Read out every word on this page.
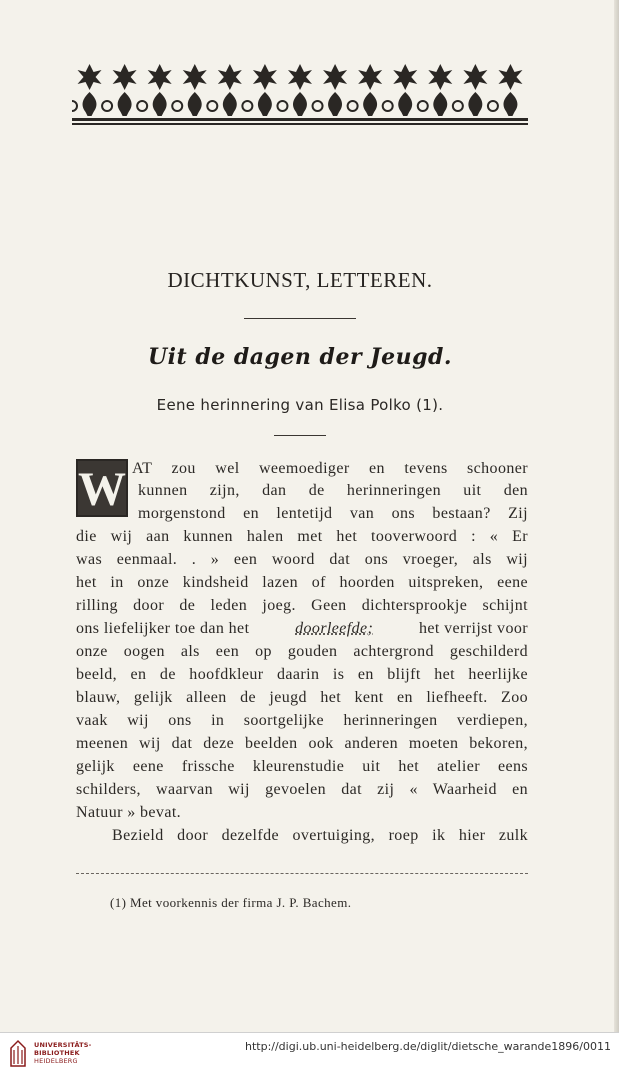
DICHTKUNST, LETTEREN.
Uit de dagen der Jeugd.
Eene herinnering van Elisa Polko (1).
W AT zou wel weemoediger en tevens schooner
kunnen zijn, dan de herinneringen uit den
morgenstond en lentetijd van ons bestaan? Zij
die wij aan kunnen halen met het tooverwoord : « Er
was eenmaal. . » een woord dat ons vroeger, als wij
het in onze kindsheid lazen of hoorden uitspreken, eene
rilling door de leden joeg. Geen dichtersprookje schijnt
ons liefelijker toe dan het	doorleefde;	het verrijst voor
onze oogen als een op gouden achtergrond geschilderd
beeld, en de hoofdkleur daarin is en blijft het heerlijke
blauw, gelijk alleen de jeugd het kent en liefheeft. Zoo
vaak wij ons in soortgelijke herinneringen verdiepen,
meenen wij dat deze beelden ook anderen moeten bekoren,
gelijk eene frissche kleurenstudie uit het atelier eens
schilders, waarvan wij gevoelen dat zij « Waarheid en
Natuur » bevat.
Bezield door dezelfde overtuiging, roep ik hier zulk
(1) Met voorkennis der firma J. P. Bachem.
UNIVERSITÄTS-
BIBLIOTHEK
HEIDELBERG
http://digi.ub.uni-heidelberg.de/diglit/dietsche_warande1896/0011
